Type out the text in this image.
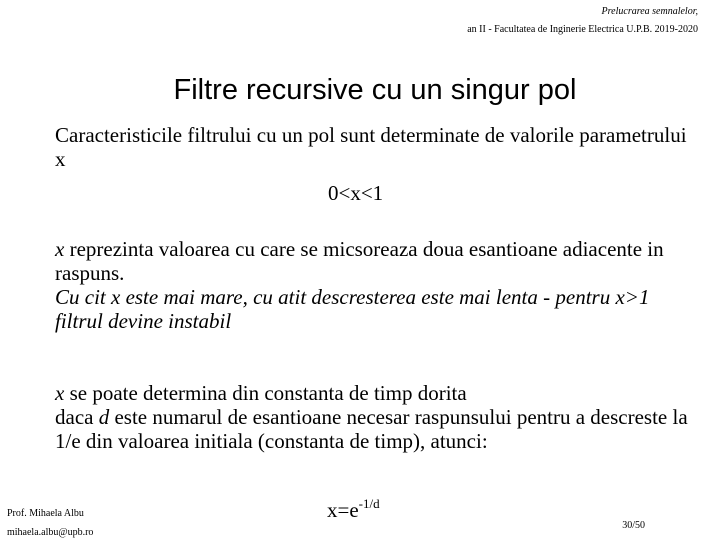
Prelucrarea semnalelor,
an II - Facultatea de Inginerie Electrica U.P.B. 2019-2020
Filtre recursive cu un singur pol
Caracteristicile filtrului cu un pol sunt determinate de valorile parametrului x
0<x<1
x reprezinta valoarea cu care se micsoreaza doua esantioane adiacente in raspuns.
Cu cit x este mai mare, cu atit descresterea este mai lenta - pentru x>1 filtrul devine instabil
x se poate determina din constanta de timp dorita
daca d este numarul de esantioane necesar raspunsului pentru a descreste la 1/e din valoarea initiala (constanta de timp), atunci:
$x=e^{-1/d}$
Prof. Mihaela Albu
mihaela.albu@upb.ro
30/50
